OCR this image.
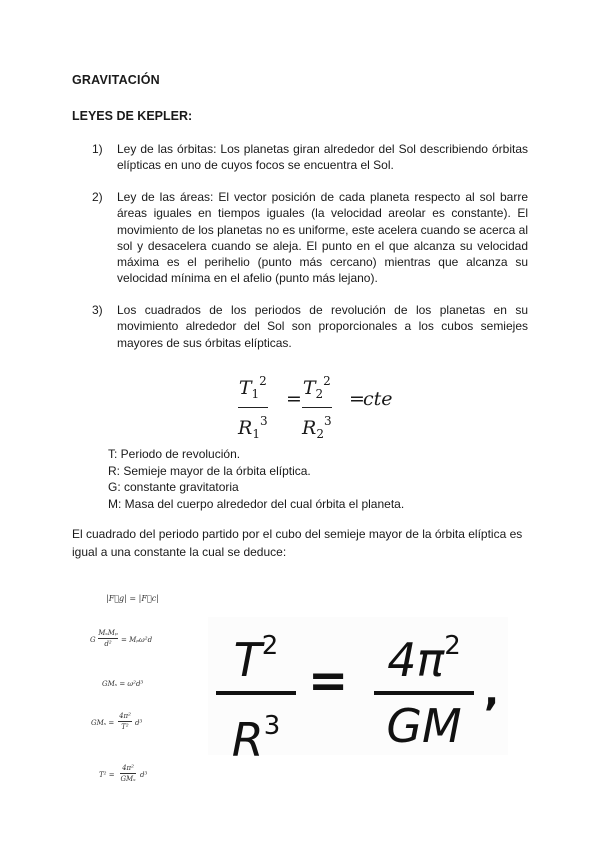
GRAVITACIÓN
LEYES DE KEPLER:
1) Ley de las órbitas: Los planetas giran alrededor del Sol describiendo órbitas elípticas en uno de cuyos focos se encuentra el Sol.
2) Ley de las áreas: El vector posición de cada planeta respecto al sol barre áreas iguales en tiempos iguales (la velocidad areolar es constante). El movimiento de los planetas no es uniforme, este acelera cuando se acerca al sol y desacelera cuando se aleja. El punto en el que alcanza su velocidad máxima es el perihelio (punto más cercano) mientras que alcanza su velocidad mínima en el afelio (punto más lejano).
3) Los cuadrados de los periodos de revolución de los planetas en su movimiento alrededor del Sol son proporcionales a los cubos semiejes mayores de sus órbitas elípticas.
$T_1^2$
$R_1^3$
= $T_2^2$
$R_2^3$
=
cte
T: Periodo de revolución.
R: Semieje mayor de la órbita elíptica.
G: constante gravitatoria
M: Masa del cuerpo alrededor del cual órbita el planeta.
El cuadrado del periodo partido por el cubo del semieje mayor de la órbita elíptica es igual a una constante la cual se deduce:
|F⃗g| = |F⃗c|
G
MₛMₚ
d²	= Mₚω²d
GMₛ = ω²d³
GMₛ =
4π²
T² d³
T² =
4π²
GMₛ d³
$T^2$
$R^3$
= $4\pi^2$
GM
,
